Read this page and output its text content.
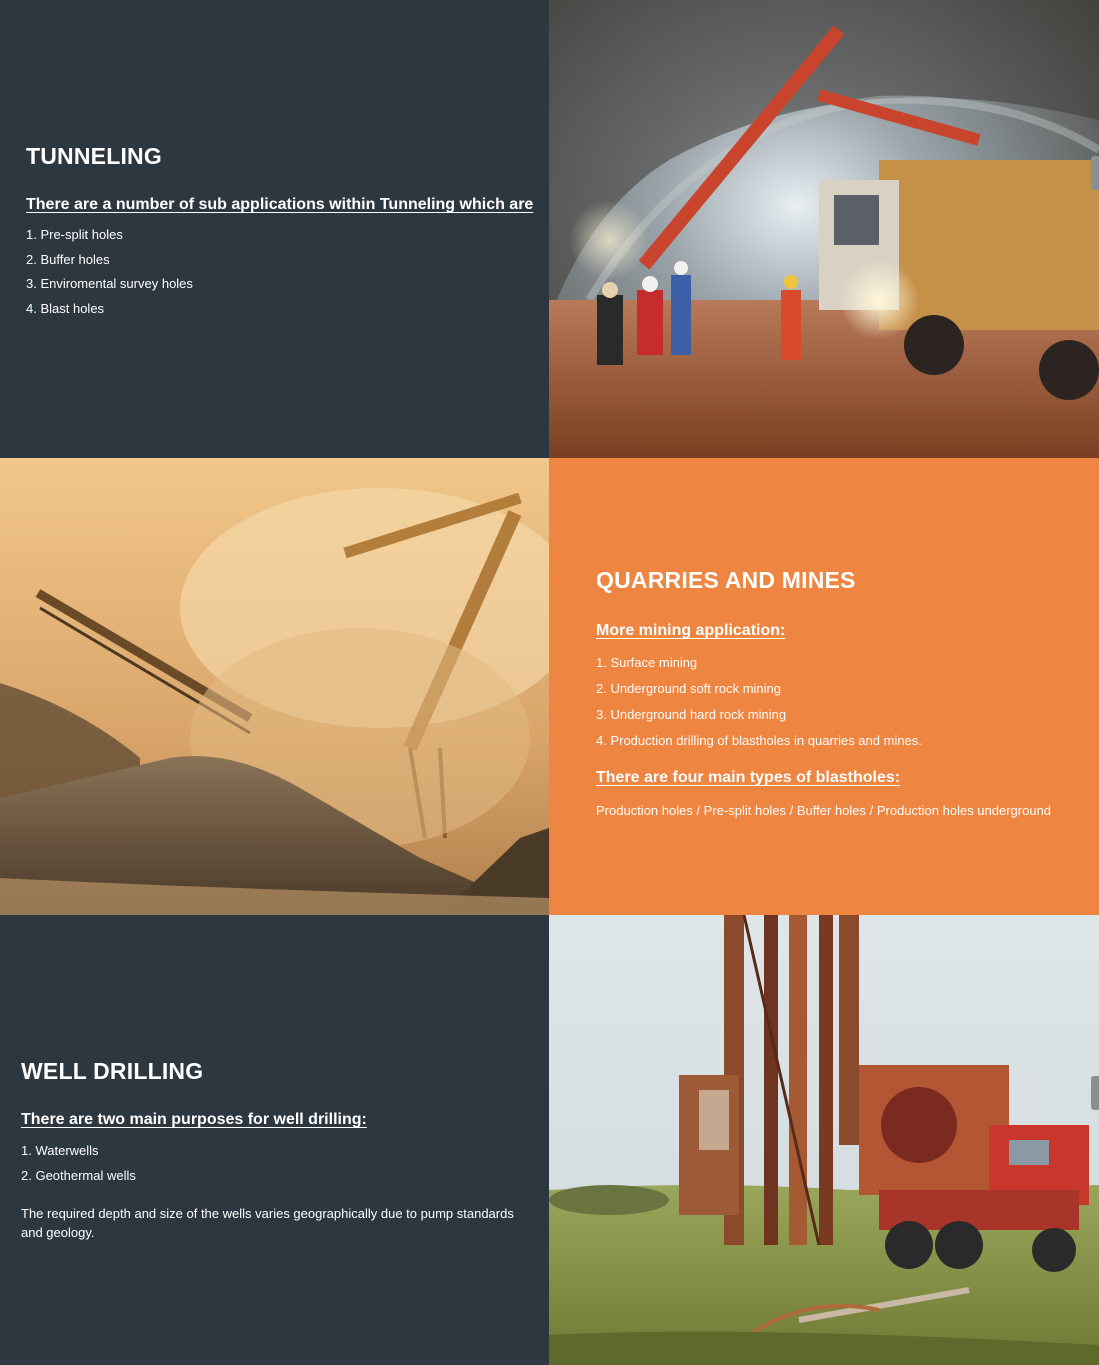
TUNNELING

There are a number of sub applications within Tunneling which are

1. Pre-split holes

2. Buffer holes

3. Enviromental survey holes

4. Blast holes

QUARRIES AND MINES

More mining application:

1. Surface mining

2. Underground soft rock mining

3. Underground hard rock mining

4. Production drilling of blastholes in quarries and mines.

There are four main types of blastholes:

Production holes / Pre-split holes / Buffer holes / Production holes underground

WELL DRILLING

There are two main purposes for well drilling:

1. Waterwells

2. Geothermal wells

The required depth and size of the wells varies geographically due to pump standards and geology.
